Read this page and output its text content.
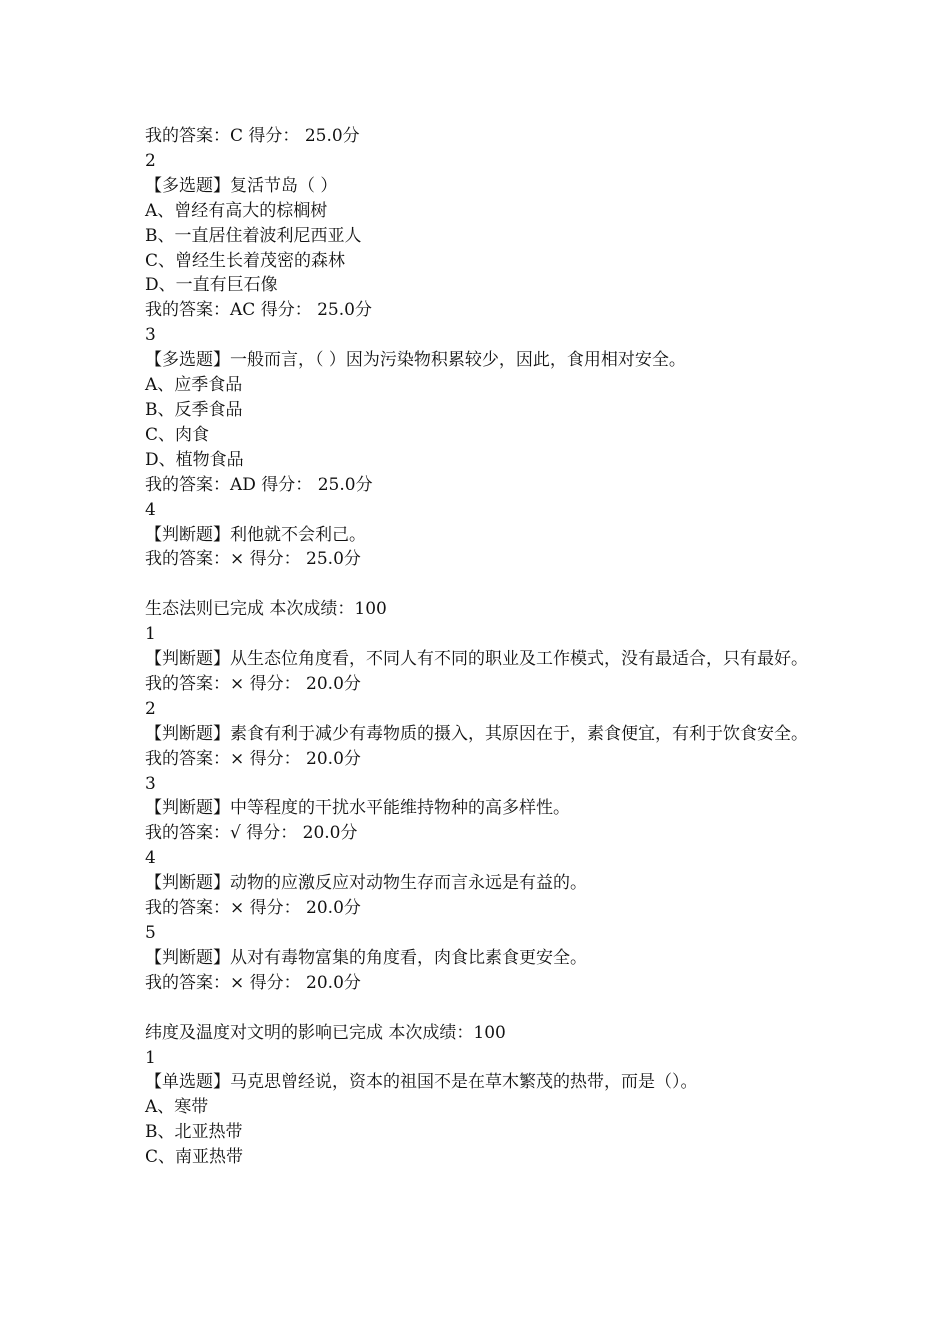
我的答案：C 得分： 25.0分

2

【多选题】复活节岛（ ）

A、曾经有高大的棕榈树

B、一直居住着波利尼西亚人

C、曾经生长着茂密的森林

D、一直有巨石像

我的答案：AC 得分： 25.0分

3

【多选题】一般而言，（ ）因为污染物积累较少，因此，食用相对安全。

A、应季食品

B、反季食品

C、肉食

D、植物食品

我的答案：AD 得分： 25.0分

4

【判断题】利他就不会利己。

我的答案：× 得分： 25.0分

生态法则已完成 本次成绩：100

1

【判断题】从生态位角度看，不同人有不同的职业及工作模式，没有最适合，只有最好。

我的答案：× 得分： 20.0分

2

【判断题】素食有利于减少有毒物质的摄入，其原因在于，素食便宜，有利于饮食安全。

我的答案：× 得分： 20.0分

3

【判断题】中等程度的干扰水平能维持物种的高多样性。

我的答案：√ 得分： 20.0分

4

【判断题】动物的应激反应对动物生存而言永远是有益的。

我的答案：× 得分： 20.0分

5

【判断题】从对有毒物富集的角度看，肉食比素食更安全。

我的答案：× 得分： 20.0分

纬度及温度对文明的影响已完成 本次成绩：100

1

【单选题】马克思曾经说，资本的祖国不是在草木繁茂的热带，而是（）。

A、寒带

B、北亚热带

C、南亚热带
